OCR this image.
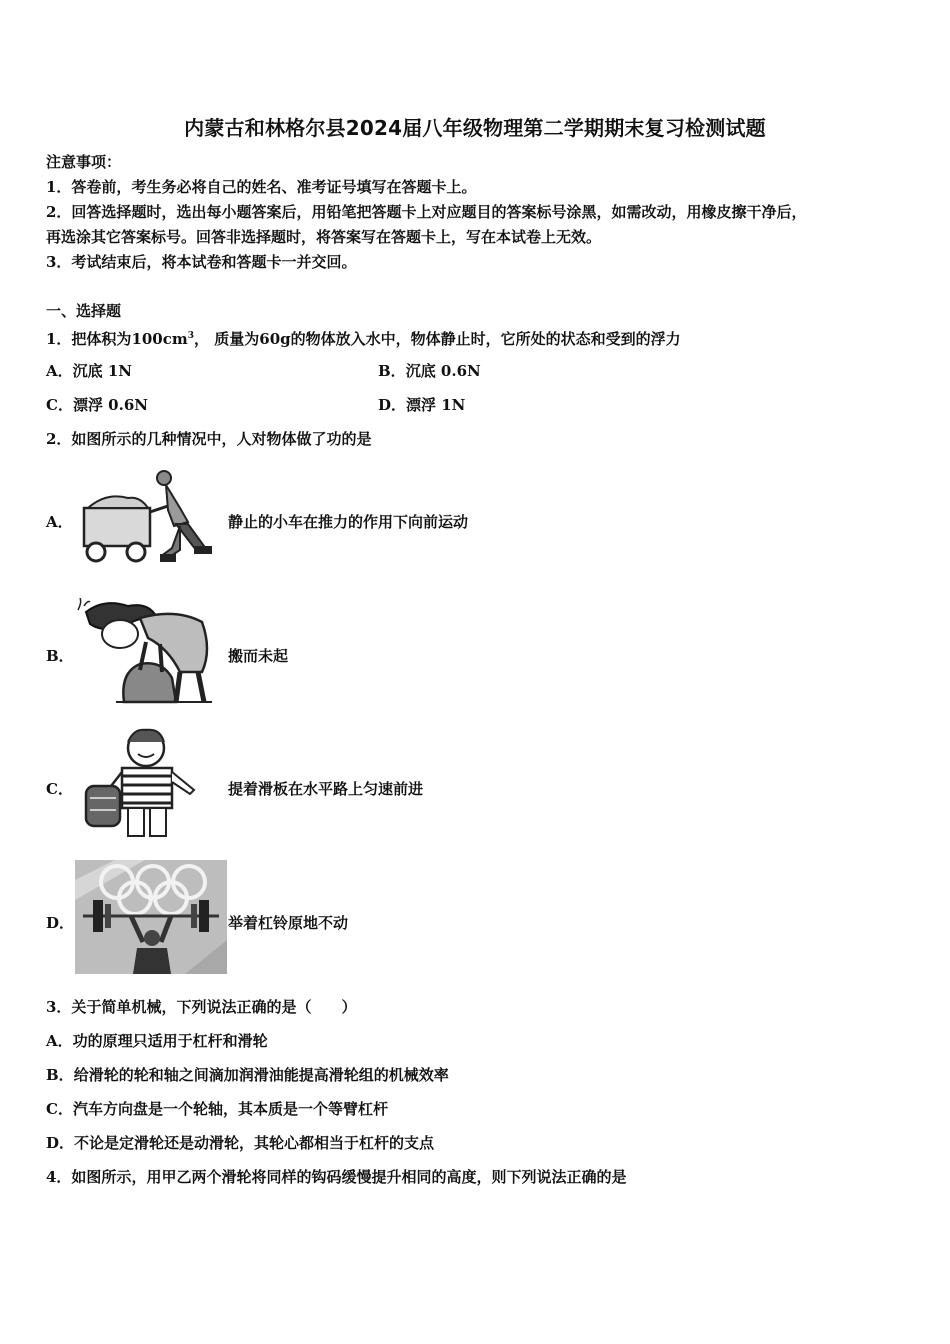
内蒙古和林格尔县2024届八年级物理第二学期期末复习检测试题
注意事项：
1．答卷前，考生务必将自己的姓名、准考证号填写在答题卡上。
2．回答选择题时，选出每小题答案后，用铅笔把答题卡上对应题目的答案标号涂黑，如需改动，用橡皮擦干净后，
再选涂其它答案标号。回答非选择题时，将答案写在答题卡上，写在本试卷上无效。
3．考试结束后，将本试卷和答题卡一并交回。
一、选择题
1．把体积为$100cm^3$， 质量为60g的物体放入水中，物体静止时，它所处的状态和受到的浮力
A．沉底 1N	B．沉底 0.6N
C．漂浮 0.6N	D．漂浮 1N
2．如图所示的几种情况中，人对物体做了功的是
A．	静止的小车在推力的作用下向前运动
B．	搬而未起
C．	提着滑板在水平路上匀速前进
D．	举着杠铃原地不动
3．关于简单机械，下列说法正确的是（　　）
A．功的原理只适用于杠杆和滑轮
B．给滑轮的轮和轴之间滴加润滑油能提高滑轮组的机械效率
C．汽车方向盘是一个轮轴，其本质是一个等臂杠杆
D．不论是定滑轮还是动滑轮，其轮心都相当于杠杆的支点
4．如图所示，用甲乙两个滑轮将同样的钩码缓慢提升相同的高度，则下列说法正确的是
